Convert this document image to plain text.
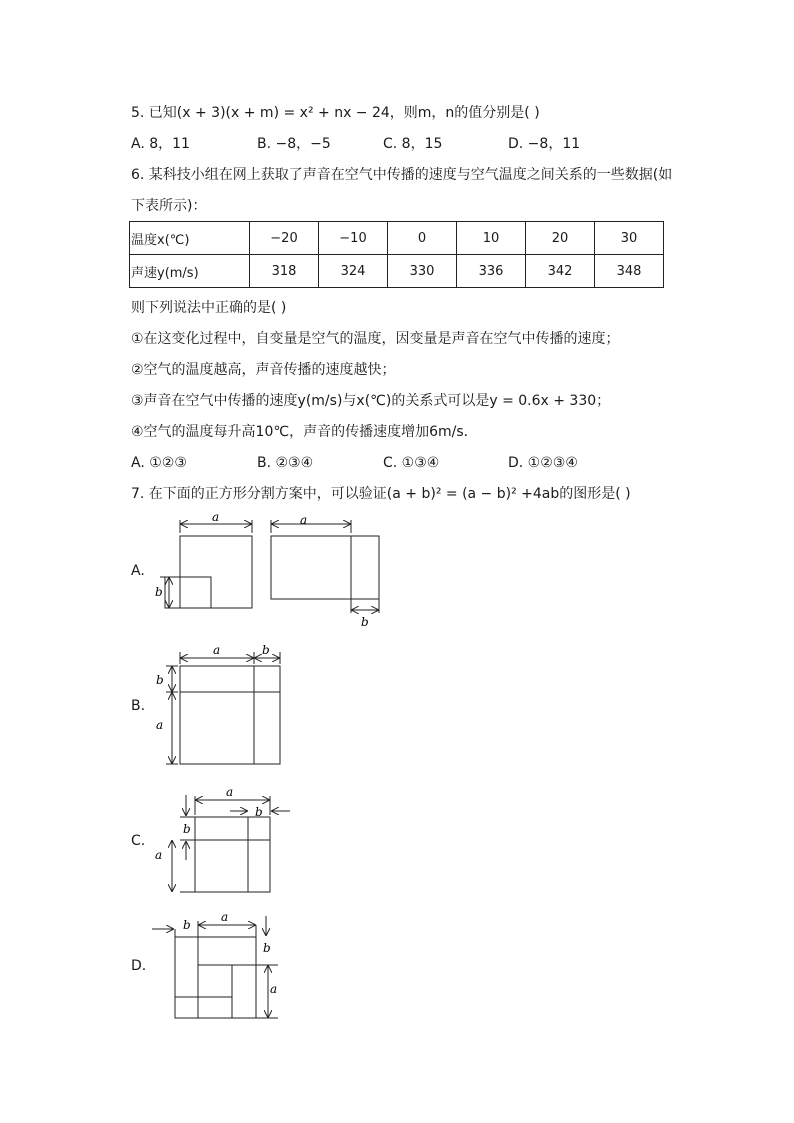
5. 已知(x + 3)(x + m) = x² + nx − 24，则m，n的值分别是( )
A. 8，11	B. −8，−5	C. 8，15	D. −8，11
6. 某科技小组在网上获取了声音在空气中传播的速度与空气温度之间关系的一些数据(如
下表所示)：
温度x(℃)	−20	−10	0	10	20	30
声速y(m/s)	318	324	330	336	342	348
则下列说法中正确的是( )
①在这变化过程中，自变量是空气的温度，因变量是声音在空气中传播的速度；
②空气的温度越高，声音传播的速度越快；
③声音在空气中传播的速度y(m/s)与x(℃)的关系式可以是y = 0.6x + 330；
④空气的温度每升高10℃，声音的传播速度增加6m/s．
A. ①②③	B. ②③④	C. ①③④	D. ①②③④
7. 在下面的正方形分割方案中，可以验证(a + b)² = (a − b)² +4ab的图形是( )
A.
B.
C.
D.
a	a
b
b
a	b
b
a
a
b
b
a
b
a
b
a
